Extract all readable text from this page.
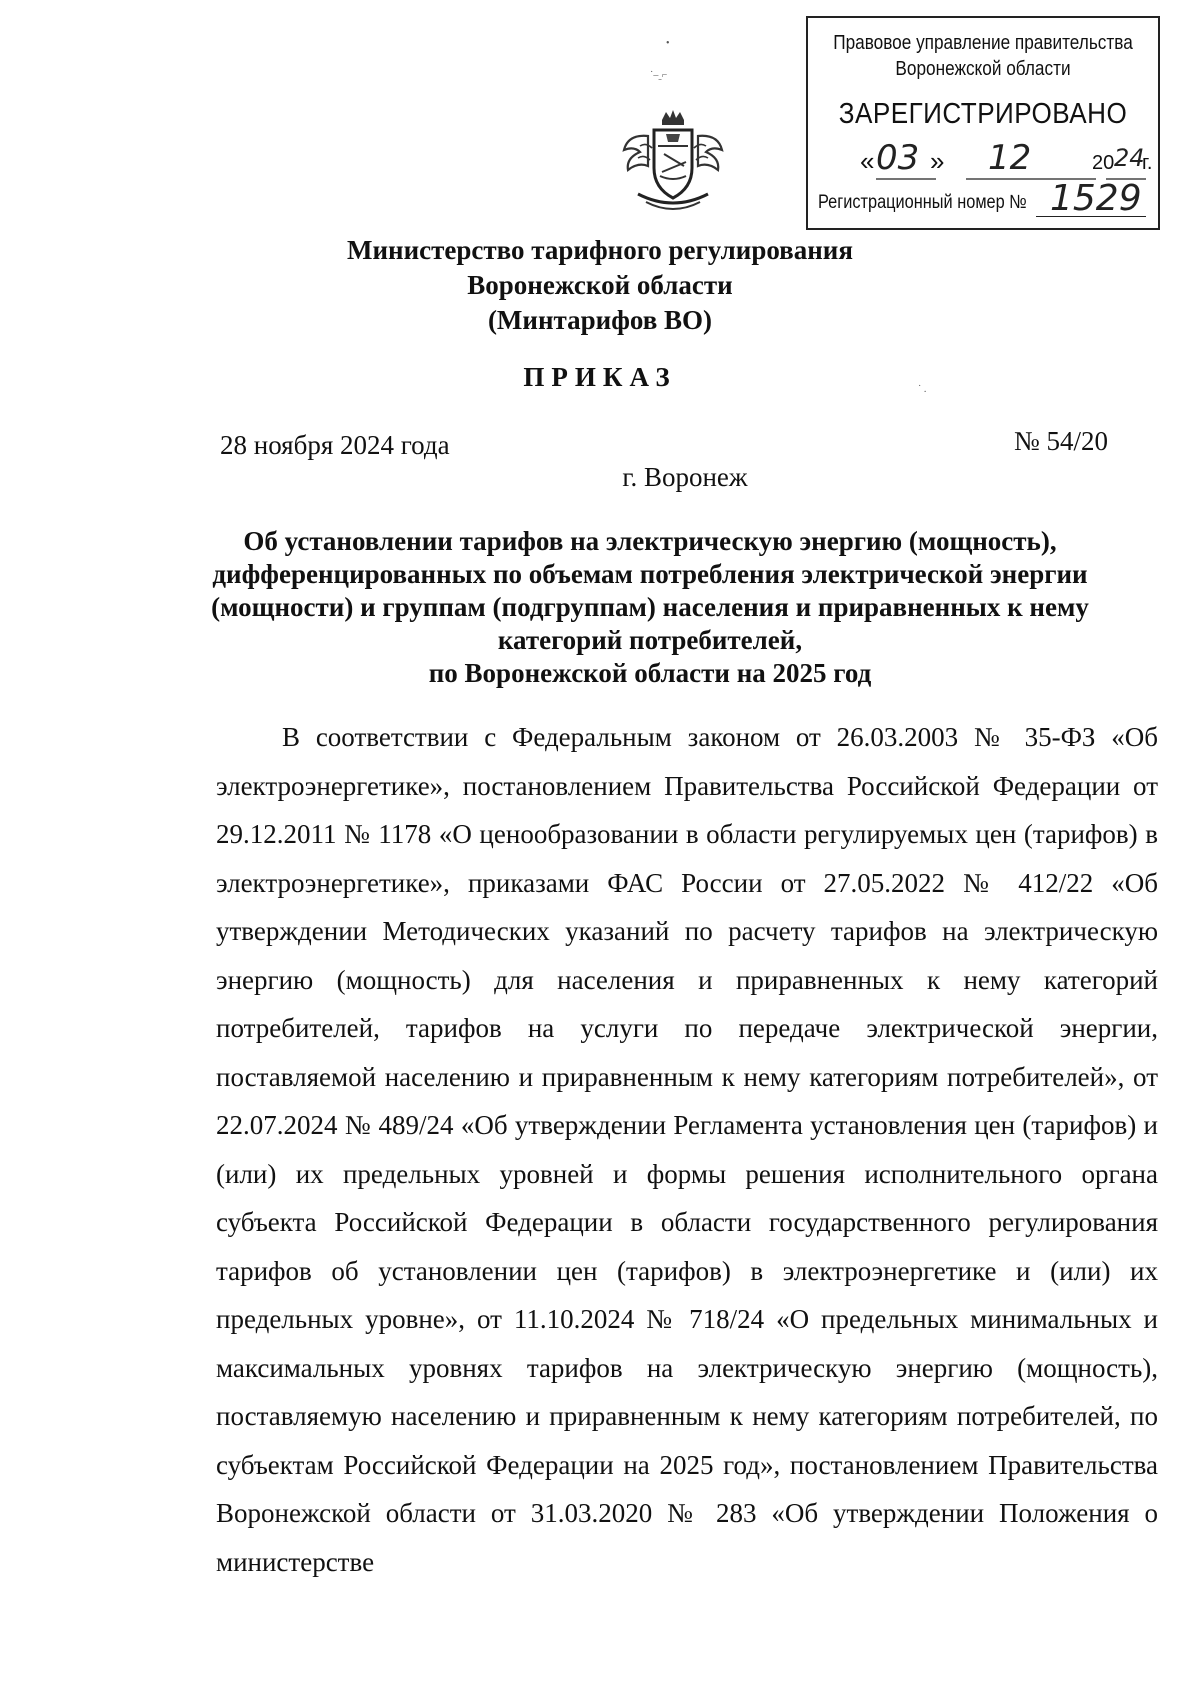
•
˙–ˍ⌐
˙ .
Правовое управление правительства
Воронежской области
ЗАРЕГИСТРИРОВАНО
« 03 » 12	20 24
г.
Регистрационный номер № 1529
Министерство тарифного регулирования
Воронежской области
(Минтарифов ВО)
ПРИКАЗ
28 ноября 2024 года	№ 54/20
г. Воронеж
Об установлении тарифов на электрическую энергию (мощность),
дифференцированных по объемам потребления электрической энергии
(мощности) и группам (подгруппам) населения и приравненных к нему
категорий потребителей,
по Воронежской области на 2025 год

В соответствии с Федеральным законом от 26.03.2003 № 35-ФЗ «Об электроэнергетике», постановлением Правительства Российской Федерации от 29.12.2011 № 1178 «О ценообразовании в области регулируемых цен (тарифов) в электроэнергетике», приказами ФАС России от 27.05.2022 № 412/22 «Об утверждении Методических указаний по расчету тарифов на электрическую энергию (мощность) для населения и приравненных к нему категорий потребителей, тарифов на услуги по передаче электрической энергии, поставляемой населению и приравненным к нему категориям потребителей», от 22.07.2024 № 489/24 «Об утверждении Регламента установления цен (тарифов) и (или) их предельных уровней и формы решения исполнительного органа субъекта Российской Федерации в области государственного регулирования тарифов об установлении цен (тарифов) в электроэнергетике и (или) их предельных уровне», от 11.10.2024 № 718/24 «О предельных минимальных и максимальных уровнях тарифов на электрическую энергию (мощность), поставляемую населению и приравненным к нему категориям потребителей, по субъектам Российской Федерации на 2025 год», постановлением Правительства Воронежской области от 31.03.2020 № 283 «Об утверждении Положения о министерстве
